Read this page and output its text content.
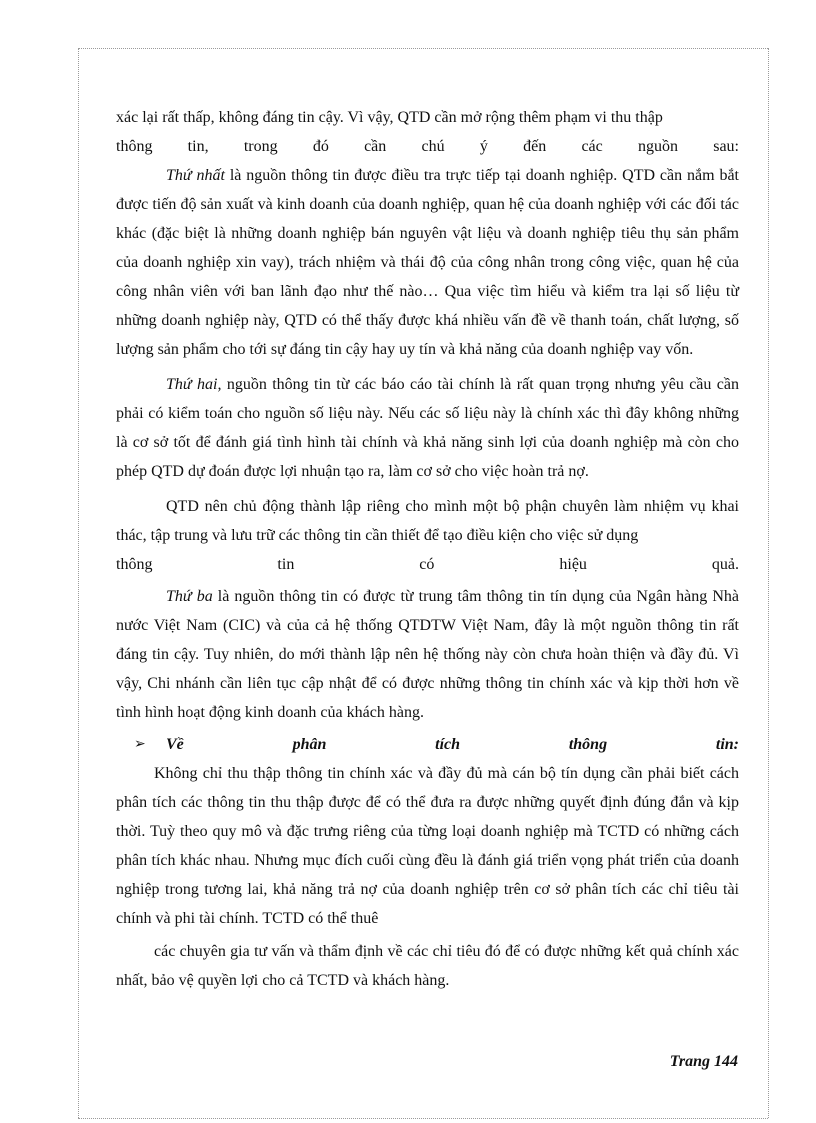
xác lại rất thấp, không đáng tin cậy. Vì vậy, QTD cần mở rộng thêm phạm vi thu thập

thông tin, trong đó cần chú ý đến các nguồn sau:

Thứ nhất là nguồn thông tin được điều tra trực tiếp tại doanh nghiệp. QTD cần nắm bắt được tiến độ sản xuất và kinh doanh của doanh nghiệp, quan hệ của doanh nghiệp với các đối tác khác (đặc biệt là những doanh nghiệp bán nguyên vật liệu và doanh nghiệp tiêu thụ sản phẩm của doanh nghiệp xin vay), trách nhiệm và thái độ của công nhân trong công việc, quan hệ của công nhân viên với ban lãnh đạo như thế nào… Qua việc tìm hiểu và kiểm tra lại số liệu từ những doanh nghiệp này, QTD có thể thấy được khá nhiều vấn đề về thanh toán, chất lượng, số lượng sản phẩm cho tới sự đáng tin cậy hay uy tín và khả năng của doanh nghiệp vay vốn.

Thứ hai, nguồn thông tin từ các báo cáo tài chính là rất quan trọng nhưng yêu cầu cần phải có kiểm toán cho nguồn số liệu này. Nếu các số liệu này là chính xác thì đây không những là cơ sở tốt để đánh giá tình hình tài chính và khả năng sinh lợi của doanh nghiệp mà còn cho phép QTD dự đoán được lợi nhuận tạo ra, làm cơ sở cho việc hoàn trả nợ.

QTD nên chủ động thành lập riêng cho mình một bộ phận chuyên làm nhiệm vụ khai thác, tập trung và lưu trữ các thông tin cần thiết để tạo điều kiện cho việc sử dụng

thông tin có hiệu quả.

Thứ ba là nguồn thông tin có được từ trung tâm thông tin tín dụng của Ngân hàng Nhà nước Việt Nam (CIC) và của cả hệ thống QTDTW Việt Nam, đây là một nguồn thông tin rất đáng tin cậy. Tuy nhiên, do mới thành lập nên hệ thống này còn chưa hoàn thiện và đầy đủ. Vì vậy, Chi nhánh cần liên tục cập nhật để có được những thông tin chính xác và kịp thời hơn về tình hình hoạt động kinh doanh của khách hàng.

➢	Về phân tích thông tin:

Không chỉ thu thập thông tin chính xác và đầy đủ mà cán bộ tín dụng cần phải biết cách phân tích các thông tin thu thập được để có thể đưa ra được những quyết định đúng đắn và kịp thời. Tuỳ theo quy mô và đặc trưng riêng của từng loại doanh nghiệp mà TCTD có những cách phân tích khác nhau. Nhưng mục đích cuối cùng đều là đánh giá triển vọng phát triển của doanh nghiệp trong tương lai, khả năng trả nợ của doanh nghiệp trên cơ sở phân tích các chỉ tiêu tài chính và phi tài chính. TCTD có thể thuê

các chuyên gia tư vấn và thẩm định về các chỉ tiêu đó để có được những kết quả chính xác nhất, bảo vệ quyền lợi cho cả TCTD và khách hàng.

Trang 144
